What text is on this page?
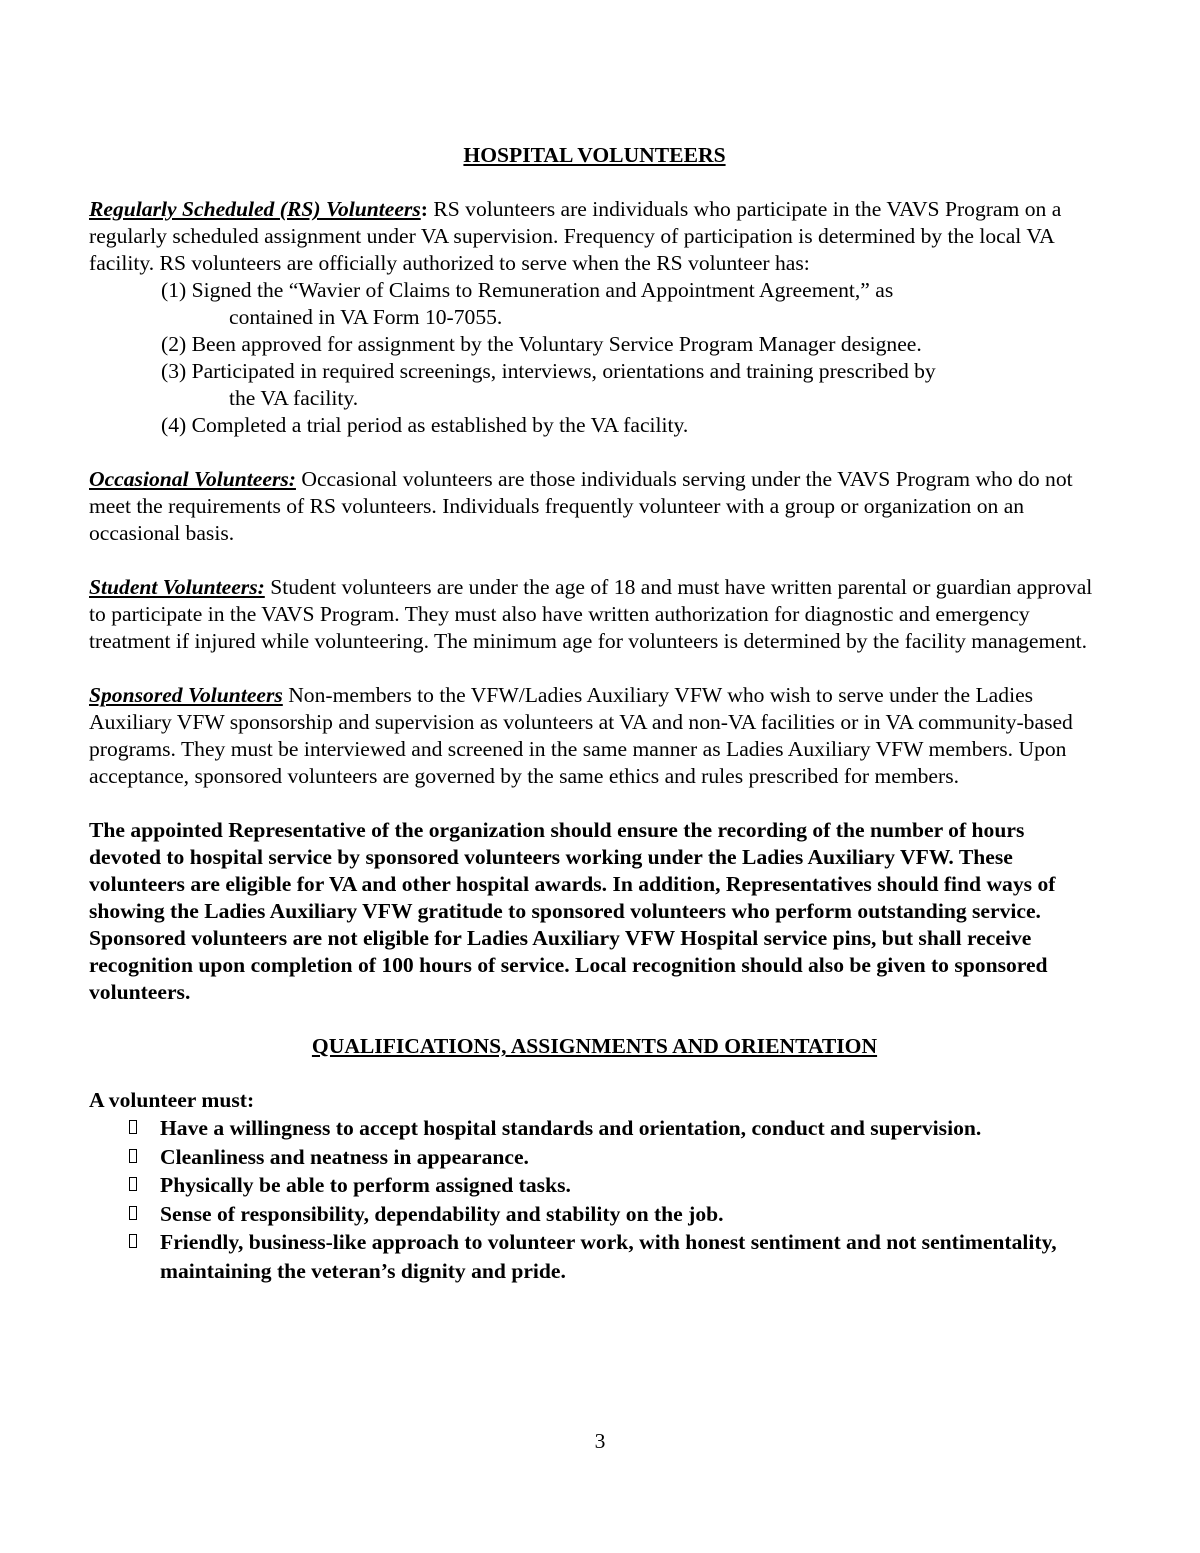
HOSPITAL VOLUNTEERS

Regularly Scheduled (RS) Volunteers: RS volunteers are individuals who participate in the VAVS Program on a regularly scheduled assignment under VA supervision. Frequency of participation is determined by the local VA facility. RS volunteers are officially authorized to serve when the RS volunteer has:

(1) Signed the “Wavier of Claims to Remuneration and Appointment Agreement,” as
contained in VA Form 10-7055.
(2) Been approved for assignment by the Voluntary Service Program Manager designee.
(3) Participated in required screenings, interviews, orientations and training prescribed by
the VA facility.
(4) Completed a trial period as established by the VA facility.

Occasional Volunteers: Occasional volunteers are those individuals serving under the VAVS Program who do not meet the requirements of RS volunteers. Individuals frequently volunteer with a group or organization on an occasional basis.

Student Volunteers: Student volunteers are under the age of 18 and must have written parental or guardian approval to participate in the VAVS Program. They must also have written authorization for diagnostic and emergency treatment if injured while volunteering. The minimum age for volunteers is determined by the facility management.

Sponsored Volunteers Non-members to the VFW/Ladies Auxiliary VFW who wish to serve under the Ladies Auxiliary VFW sponsorship and supervision as volunteers at VA and non-VA facilities or in VA community-based programs. They must be interviewed and screened in the same manner as Ladies Auxiliary VFW members. Upon acceptance, sponsored volunteers are governed by the same ethics and rules prescribed for members.

The appointed Representative of the organization should ensure the recording of the number of hours devoted to hospital service by sponsored volunteers working under the Ladies Auxiliary VFW. These volunteers are eligible for VA and other hospital awards. In addition, Representatives should find ways of showing the Ladies Auxiliary VFW gratitude to sponsored volunteers who perform outstanding service. Sponsored volunteers are not eligible for Ladies Auxiliary VFW Hospital service pins, but shall receive recognition upon completion of 100 hours of service. Local recognition should also be given to sponsored volunteers.

QUALIFICATIONS, ASSIGNMENTS AND ORIENTATION

A volunteer must:

Have a willingness to accept hospital standards and orientation, conduct and supervision.
Cleanliness and neatness in appearance.
Physically be able to perform assigned tasks.
Sense of responsibility, dependability and stability on the job.
Friendly, business-like approach to volunteer work, with honest sentiment and not sentimentality, maintaining the veteran’s dignity and pride.
3
